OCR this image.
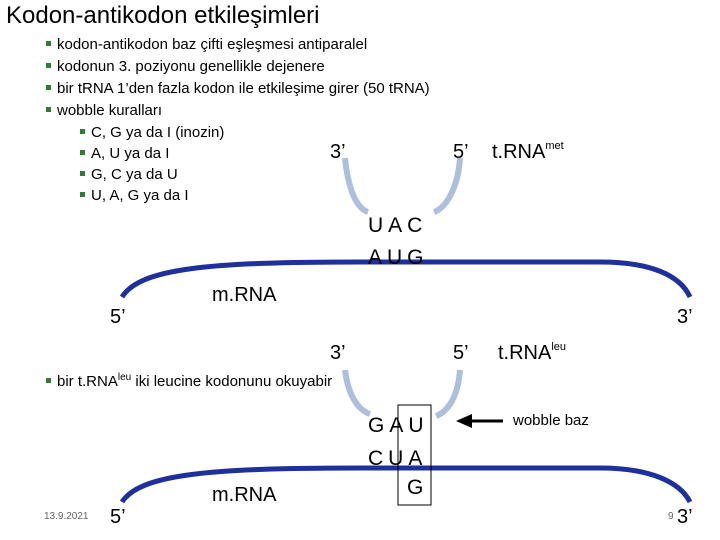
Kodon-antikodon etkileşimleri
kodon-antikodon baz çifti eşleşmesi antiparalel
kodonun 3. poziyonu genellikle dejenere
bir tRNA 1’den fazla kodon ile etkileşime girer (50 tRNA)
wobble kuralları
C, G ya da I (inozin)
A, U ya da I
G, C ya da U
U, A, G ya da I
3’	5’ $t.RNA^{met}$
UAC
AUG
m.RNA
5’	3’
3’	5’ $t.RNA^{leu}$
bir $t.RNA^{leu}$ iki leucine kodonunu okuyabir
GAU
CUA
G
wobble baz
m.RNA
5’	3’
13.9.2021	9
